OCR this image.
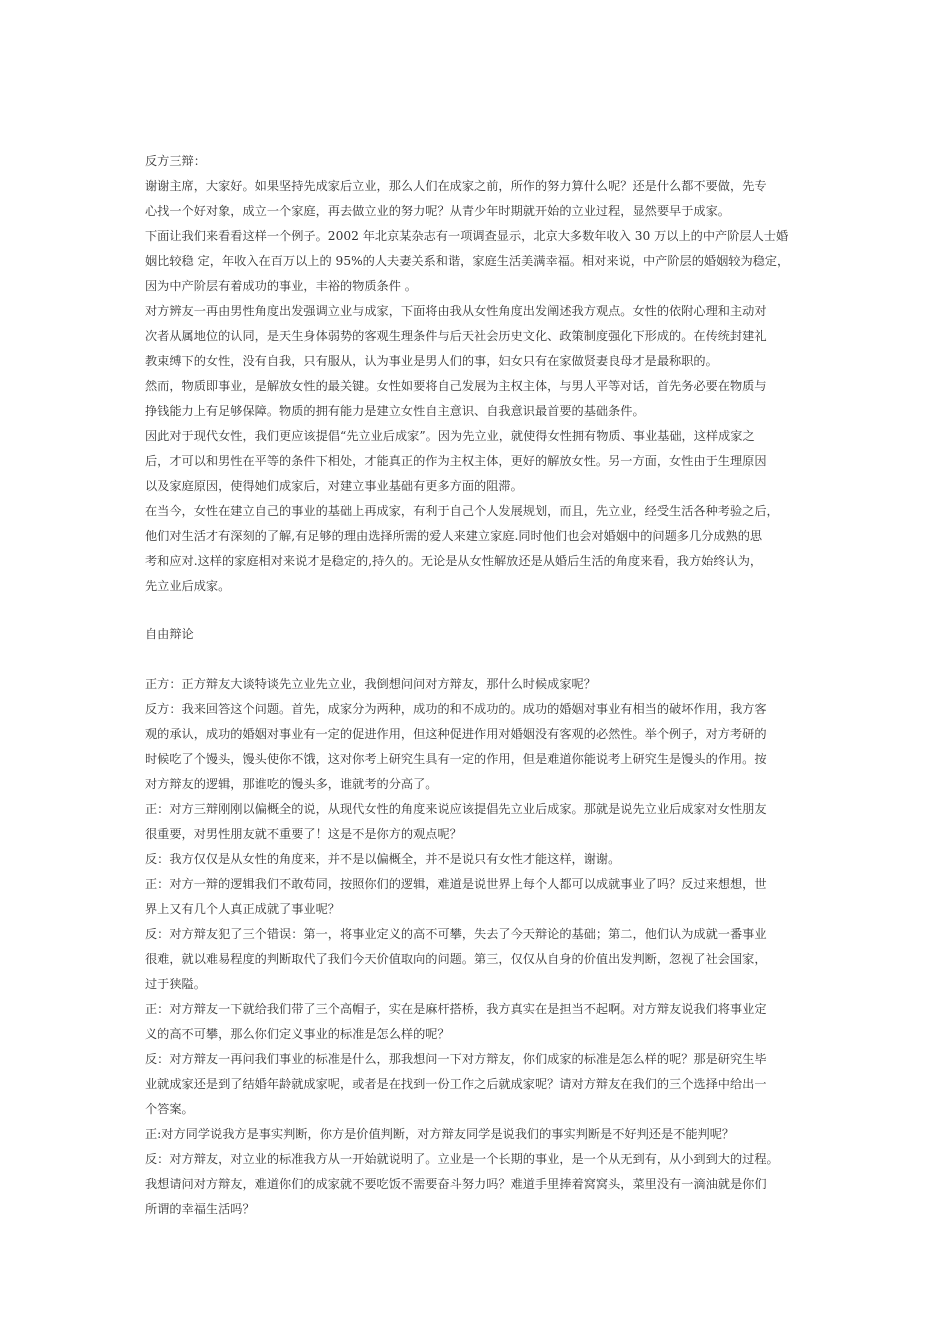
反方三辩：
谢谢主席，大家好。如果坚持先成家后立业，那么人们在成家之前，所作的努力算什么呢？还是什么都不要做，先专
心找一个好对象，成立一个家庭，再去做立业的努力呢？从青少年时期就开始的立业过程，显然要早于成家。
下面让我们来看看这样一个例子。2002 年北京某杂志有一项调查显示，北京大多数年收入 30 万以上的中产阶层人士婚
姻比较稳 定，年收入在百万以上的 95%的人夫妻关系和谐，家庭生活美满幸福。相对来说，中产阶层的婚姻较为稳定，
因为中产阶层有着成功的事业，丰裕的物质条件 。
对方辨友一再由男性角度出发强调立业与成家，下面将由我从女性角度出发阐述我方观点。女性的依附心理和主动对
次者从属地位的认同，是天生身体弱势的客观生理条件与后天社会历史文化、政策制度强化下形成的。在传统封建礼
教束缚下的女性，没有自我，只有服从，认为事业是男人们的事，妇女只有在家做贤妻良母才是最称职的。
然而，物质即事业，是解放女性的最关键。女性如要将自己发展为主权主体，与男人平等对话，首先务必要在物质与
挣钱能力上有足够保障。物质的拥有能力是建立女性自主意识、自我意识最首要的基础条件。
因此对于现代女性，我们更应该提倡“先立业后成家”。因为先立业，就使得女性拥有物质、事业基础，这样成家之
后，才可以和男性在平等的条件下相处，才能真正的作为主权主体，更好的解放女性。另一方面，女性由于生理原因
以及家庭原因，使得她们成家后，对建立事业基础有更多方面的阻滞。
在当今，女性在建立自己的事业的基础上再成家，有利于自己个人发展规划，而且，先立业，经受生活各种考验之后，
他们对生活才有深刻的了解,有足够的理由选择所需的爱人来建立家庭.同时他们也会对婚姻中的问题多几分成熟的思
考和应对.这样的家庭相对来说才是稳定的,持久的。无论是从女性解放还是从婚后生活的角度来看，我方始终认为，
先立业后成家。
自由辩论
正方：正方辩友大谈特谈先立业先立业，我倒想问问对方辩友，那什么时候成家呢？
反方：我来回答这个问题。首先，成家分为两种，成功的和不成功的。成功的婚姻对事业有相当的破坏作用，我方客
观的承认，成功的婚姻对事业有一定的促进作用，但这种促进作用对婚姻没有客观的必然性。举个例子，对方考研的
时候吃了个馒头，馒头使你不饿，这对你考上研究生具有一定的作用，但是难道你能说考上研究生是馒头的作用。按
对方辩友的逻辑，那谁吃的馒头多，谁就考的分高了。
正：对方三辩刚刚以偏概全的说，从现代女性的角度来说应该提倡先立业后成家。那就是说先立业后成家对女性朋友
很重要，对男性朋友就不重要了！这是不是你方的观点呢？
反：我方仅仅是从女性的角度来，并不是以偏概全，并不是说只有女性才能这样，谢谢。
正：对方一辩的逻辑我们不敢苟同，按照你们的逻辑，难道是说世界上每个人都可以成就事业了吗？反过来想想，世
界上又有几个人真正成就了事业呢？
反：对方辩友犯了三个错误：第一，将事业定义的高不可攀，失去了今天辩论的基础；第二，他们认为成就一番事业
很难，就以难易程度的判断取代了我们今天价值取向的问题。第三，仅仅从自身的价值出发判断，忽视了社会国家，
过于狭隘。
正：对方辩友一下就给我们带了三个高帽子，实在是麻杆搭桥，我方真实在是担当不起啊。对方辩友说我们将事业定
义的高不可攀，那么你们定义事业的标准是怎么样的呢？
反：对方辩友一再问我们事业的标准是什么，那我想问一下对方辩友，你们成家的标准是怎么样的呢？那是研究生毕
业就成家还是到了结婚年龄就成家呢，或者是在找到一份工作之后就成家呢？请对方辩友在我们的三个选择中给出一
个答案。
正:对方同学说我方是事实判断，你方是价值判断，对方辩友同学是说我们的事实判断是不好判还是不能判呢？
反：对方辩友，对立业的标准我方从一开始就说明了。立业是一个长期的事业，是一个从无到有，从小到到大的过程。
我想请问对方辩友，难道你们的成家就不要吃饭不需要奋斗努力吗？难道手里捧着窝窝头，菜里没有一滴油就是你们
所谓的幸福生活吗？
